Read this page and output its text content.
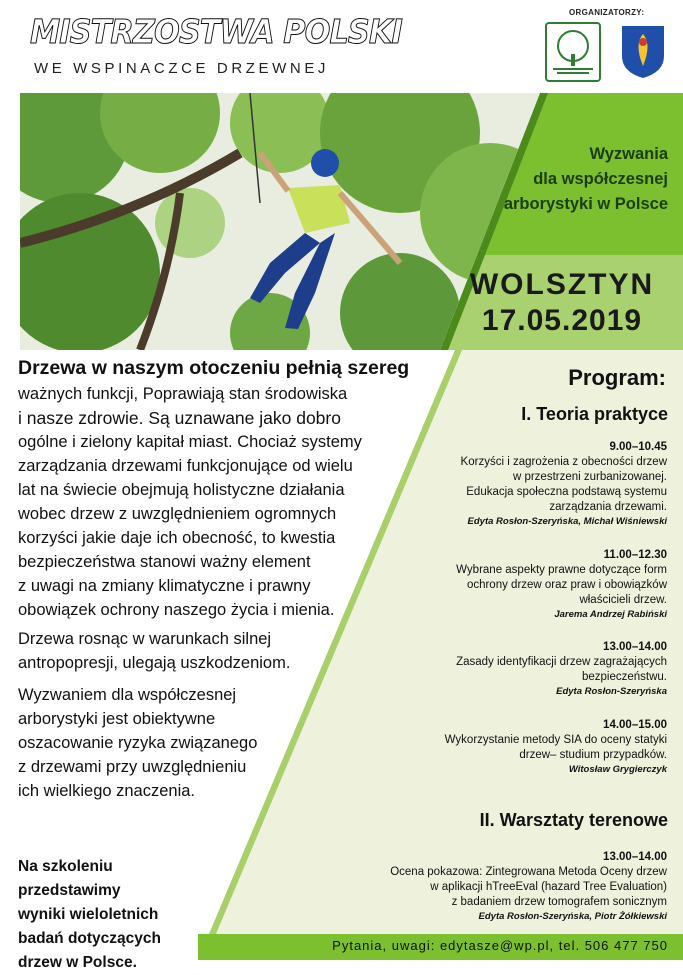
MISTRZOSTWA POLSKI
WE WSPINACZCE DRZEWNEJ
ORGANIZATORZY:
Wyzwania
dla współczesnej
arborystyki w Polsce
WOLSZTYN
17.05.2019
Drzewa w naszym otoczeniu pełnią szereg
ważnych funkcji, Poprawiają stan środowiska
i nasze zdrowie. Są uznawane jako dobro
ogólne i zielony kapitał miast. Chociaż systemy
zarządzania drzewami funkcjonujące od wielu
lat na świecie obejmują holistyczne działania
wobec drzew z uwzględnieniem ogromnych
korzyści jakie daje ich obecność, to kwestia
bezpieczeństwa stanowi ważny element
z uwagi na zmiany klimatyczne i prawny
obowiązek ochrony naszego życia i mienia.
Drzewa rosnąc w warunkach silnej
antropopresji, ulegają uszkodzeniom.
Wyzwaniem dla współczesnej
arborystyki jest obiektywne
oszacowanie ryzyka związanego
z drzewami przy uwzględnieniu
ich wielkiego znaczenia.
Program:
I. Teoria praktyce
9.00–10.45
Korzyści i zagrożenia z obecności drzew
w przestrzeni zurbanizowanej.
Edukacja społeczna podstawą systemu
zarządzania drzewami.
Edyta Rosłon-Szeryńska, Michał Wiśniewski
11.00–12.30
Wybrane aspekty prawne dotyczące form
ochrony drzew oraz praw i obowiązków
właścicieli drzew.
Jarema Andrzej Rabiński
13.00–14.00
Zasady identyfikacji drzew zagrażających
bezpieczeństwu.
Edyta Rosłon-Szeryńska
14.00–15.00
Wykorzystanie metody SIA do oceny statyki
drzew– studium przypadków.
Witosław Grygierczyk
II. Warsztaty terenowe
13.00–14.00
Ocena pokazowa: Zintegrowana Metoda Oceny drzew
w aplikacji hTreeEval (hazard Tree Evaluation)
z badaniem drzew tomografem sonicznym
Edyta Rosłon-Szeryńska, Piotr Żółkiewski
Na szkoleniu przedstawimy
wyniki wieloletnich
badań dotyczących
drzew w Polsce.
Pytania, uwagi: edytasze@wp.pl, tel. 506 477 750
